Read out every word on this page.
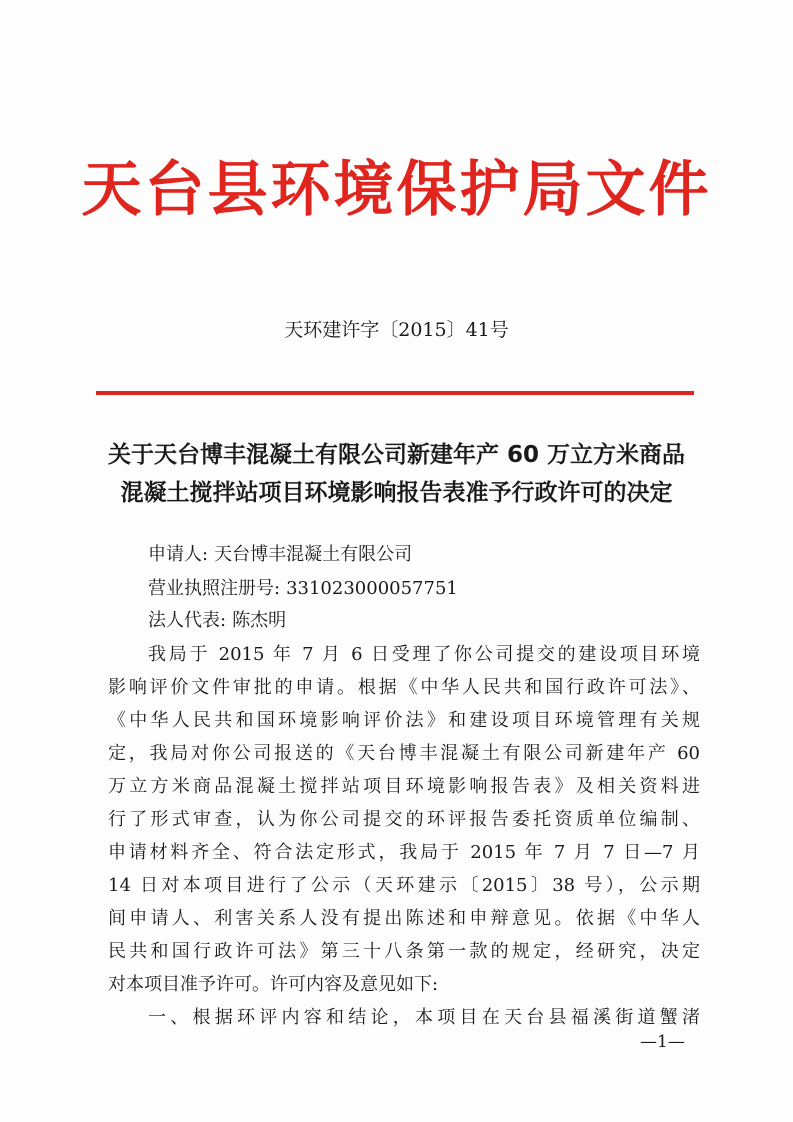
天台县环境保护局文件
天环建许字〔2015〕41号
关于天台博丰混凝土有限公司新建年产 60 万立方米商品
混凝土搅拌站项目环境影响报告表准予行政许可的决定
申请人: 天台博丰混凝土有限公司
营业执照注册号: 331023000057751
法人代表: 陈杰明
我局于 2015 年 7 月 6 日受理了你公司提交的建设项目环境
影响评价文件审批的申请。根据《中华人民共和国行政许可法》、
《中华人民共和国环境影响评价法》和建设项目环境管理有关规
定，我局对你公司报送的《天台博丰混凝土有限公司新建年产 60
万立方米商品混凝土搅拌站项目环境影响报告表》及相关资料进
行了形式审查，认为你公司提交的环评报告委托资质单位编制、
申请材料齐全、符合法定形式，我局于 2015 年 7 月 7 日—7 月
14 日对本项目进行了公示（天环建示〔2015〕38 号），公示期
间申请人、利害关系人没有提出陈述和申辩意见。依据《中华人
民共和国行政许可法》第三十八条第一款的规定，经研究，决定
对本项目准予许可。许可内容及意见如下:
一、根据环评内容和结论，本项目在天台县福溪街道蟹渚
—1—
